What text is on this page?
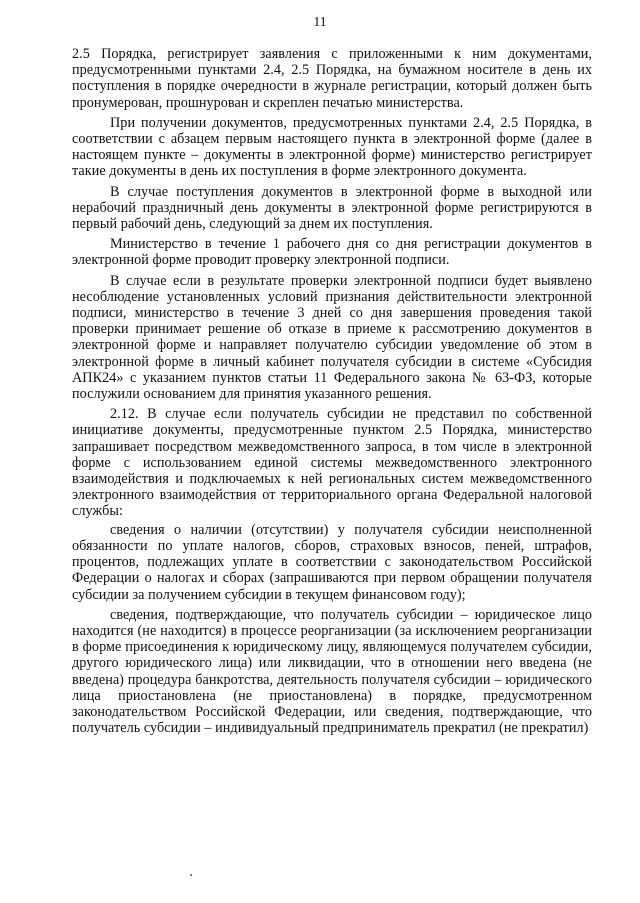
11

2.5 Порядка, регистрирует заявления с приложенными к ним документами, предусмотренными пунктами 2.4, 2.5 Порядка, на бумажном носителе в день их поступления в порядке очередности в журнале регистрации, который должен быть пронумерован, прошнурован и скреплен печатью министерства.

При получении документов, предусмотренных пунктами 2.4, 2.5 Порядка, в соответствии с абзацем первым настоящего пункта в электронной форме (далее в настоящем пункте – документы в электронной форме) министерство регистрирует такие документы в день их поступления в форме электронного документа.

В случае поступления документов в электронной форме в выходной или нерабочий праздничный день документы в электронной форме регистрируются в первый рабочий день, следующий за днем их поступления.

Министерство в течение 1 рабочего дня со дня регистрации документов в электронной форме проводит проверку электронной подписи.

В случае если в результате проверки электронной подписи будет выявлено несоблюдение установленных условий признания действительности электронной подписи, министерство в течение 3 дней со дня завершения проведения такой проверки принимает решение об отказе в приеме к рассмотрению документов в электронной форме и направляет получателю субсидии уведомление об этом в электронной форме в личный кабинет получателя субсидии в системе «Субсидия АПК24» с указанием пунктов статьи 11 Федерального закона № 63-ФЗ, которые послужили основанием для принятия указанного решения.

2.12. В случае если получатель субсидии не представил по собственной инициативе документы, предусмотренные пунктом 2.5 Порядка, министерство запрашивает посредством межведомственного запроса, в том числе в электронной форме с использованием единой системы межведомственного электронного взаимодействия и подключаемых к ней региональных систем межведомственного электронного взаимодействия от территориального органа Федеральной налоговой службы:

сведения о наличии (отсутствии) у получателя субсидии неисполненной обязанности по уплате налогов, сборов, страховых взносов, пеней, штрафов, процентов, подлежащих уплате в соответствии с законодательством Российской Федерации о налогах и сборах (запрашиваются при первом обращении получателя субсидии за получением субсидии в текущем финансовом году);

сведения, подтверждающие, что получатель субсидии – юридическое лицо находится (не находится) в процессе реорганизации (за исключением реорганизации в форме присоединения к юридическому лицу, являющемуся получателем субсидии, другого юридического лица) или ликвидации, что в отношении него введена (не введена) процедура банкротства, деятельность получателя субсидии – юридического лица приостановлена (не приостановлена) в порядке, предусмотренном законодательством Российской Федерации, или сведения, подтверждающие, что получатель субсидии – индивидуальный предприниматель прекратил (не прекратил)
